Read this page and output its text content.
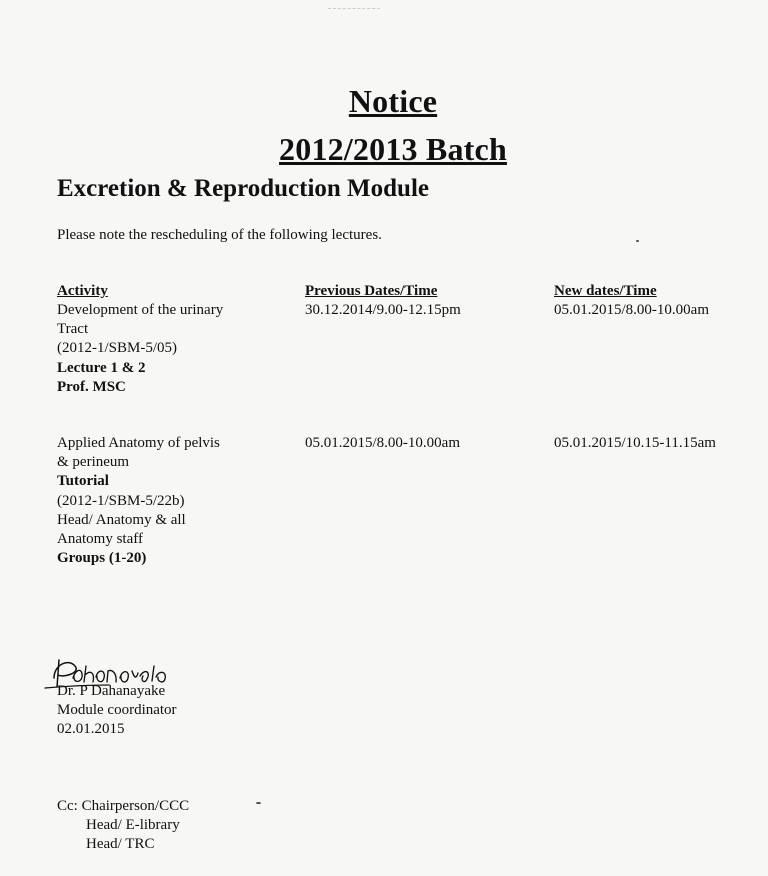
Notice
2012/2013 Batch
Excretion & Reproduction Module
Please note the rescheduling of the following lectures.
Activity	Previous Dates/Time	New dates/Time
Development of the urinary
Tract
(2012-1/SBM-5/05)
Lecture 1 & 2
Prof. MSC
30.12.2014/9.00-12.15pm	05.01.2015/8.00-10.00am
Applied Anatomy of pelvis
& perineum
Tutorial
(2012-1/SBM-5/22b)
Head/ Anatomy & all
Anatomy staff
Groups (1-20)
05.01.2015/8.00-10.00am	05.01.2015/10.15-11.15am
Dr. P Dahanayake
Module coordinator
02.01.2015
Cc: Chairperson/CCC
Head/ E-library
Head/ TRC
